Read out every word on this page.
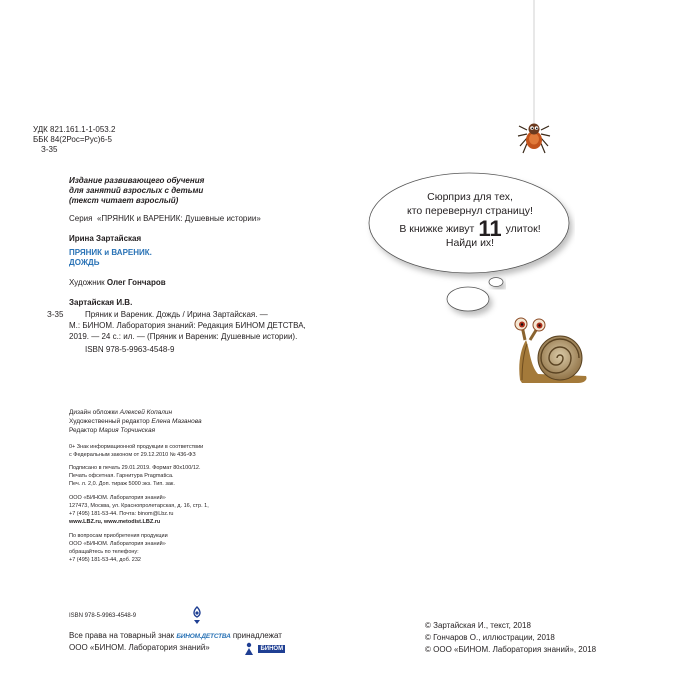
УДК 821.161.1-1-053.2
ББК 84(2Рос=Рус)6-5
З-35
Издание развивающего обучения
для занятий взрослых с детьми
(текст читает взрослый)
Серия «ПРЯНИК и ВАРЕНИК: Душевные истории»
Ирина Зартайская
ПРЯНИК и ВАРЕНИК.
ДОЖДЬ
Художник Олег Гончаров
Зартайская И.В.
З-35	Пряник и Вареник. Дождь / Ирина Зартайская. —
М.: БИНОМ. Лаборатория знаний: Редакция БИНОМ ДЕТСТВА,
2019. — 24 с.: ил. — (Пряник и Вареник: Душевные истории).
ISBN 978-5-9963-4548-9
Дизайн обложки Алексей Копалин
Художественный редактор Елена Мазанова
Редактор Мария Торчинская
0+ Знак информационной продукции в соответствии
с Федеральным законом от 29.12.2010 № 436-ФЗ
Подписано в печать 29.01.2019. Формат 80х100/12.
Печать офсетная. Гарнитура Pragmatica.
Печ. л. 2,0. Доп. тираж 5000 экз. Тип. зак.
ООО «БИНОМ. Лаборатория знаний»
127473, Москва, ул. Краснопролетарская, д. 16, стр. 1,
+7 (495) 181-53-44. Почта: binom@Lbz.ru
www.LBZ.ru, www.metodist.LBZ.ru
По вопросам приобретения продукции
ООО «БИНОМ. Лаборатория знаний»
обращайтесь по телефону:
+7 (495) 181-53-44, доб. 232
ISBN 978-5-9963-4548-9
Все права на товарный знак БИНОМ.ДЕТСТВА принадлежат
ООО «БИНОМ. Лаборатория знаний»	БИНОМ
© Зартайская И., текст, 2018
© Гончаров О., иллюстрации, 2018
© ООО «БИНОМ. Лаборатория знаний», 2018
Сюрприз для тех,
кто перевернул страницу!
В книжке живут 11 улиток!
Найди их!
